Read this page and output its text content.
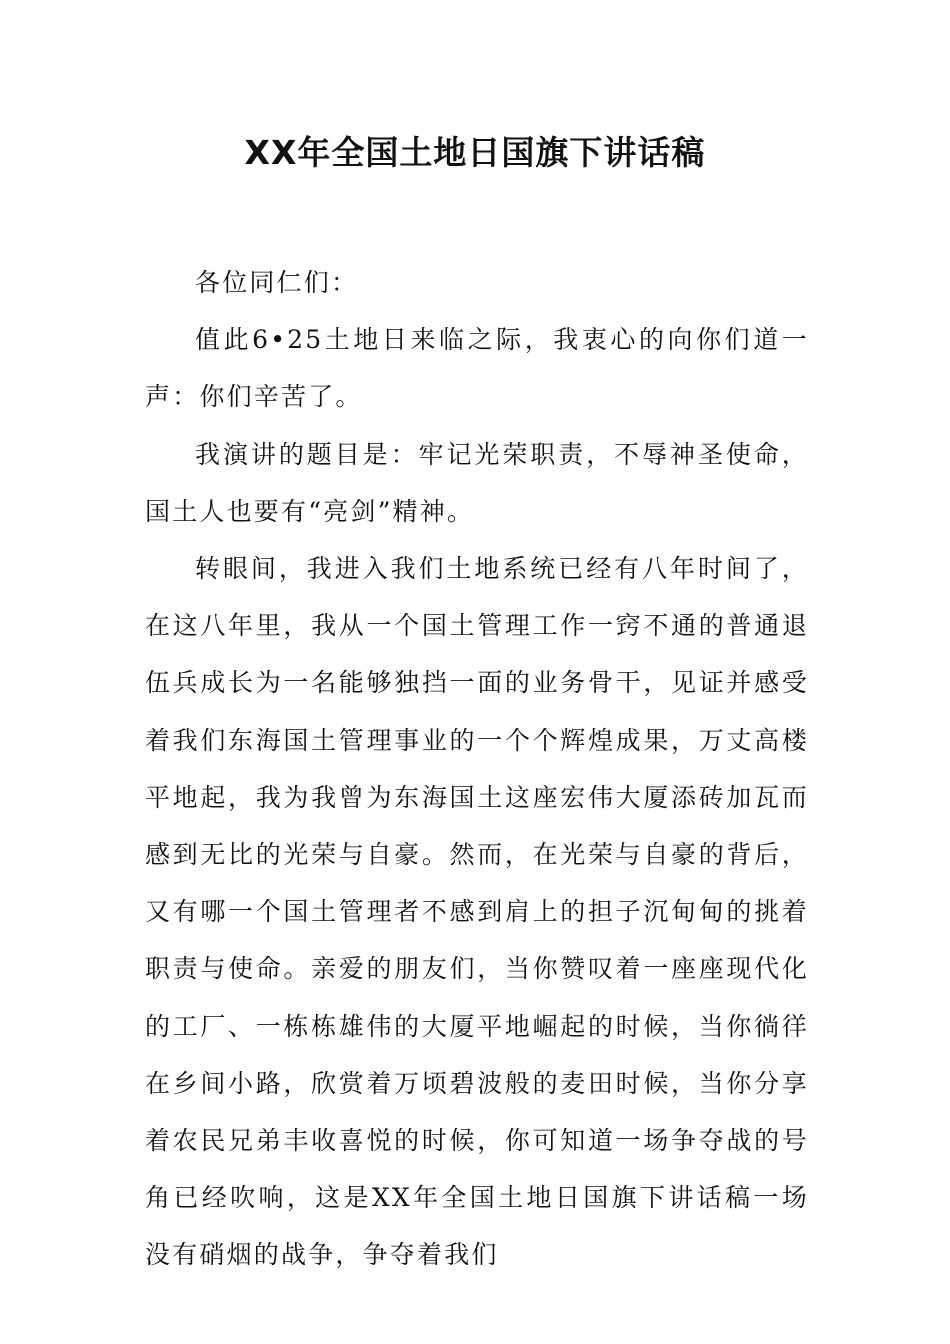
XX年全国土地日国旗下讲话稿

各位同仁们：

值此6•25土地日来临之际，我衷心的向你们道一声：你们辛苦了。

我演讲的题目是：牢记光荣职责，不辱神圣使命，国土人也要有“亮剑”精神。

转眼间，我进入我们土地系统已经有八年时间了，在这八年里，我从一个国土管理工作一窍不通的普通退伍兵成长为一名能够独挡一面的业务骨干，见证并感受着我们东海国土管理事业的一个个辉煌成果，万丈高楼平地起，我为我曾为东海国土这座宏伟大厦添砖加瓦而感到无比的光荣与自豪。然而，在光荣与自豪的背后，又有哪一个国土管理者不感到肩上的担子沉甸甸的挑着职责与使命。亲爱的朋友们，当你赞叹着一座座现代化的工厂、一栋栋雄伟的大厦平地崛起的时候，当你徜徉在乡间小路，欣赏着万顷碧波般的麦田时候，当你分享着农民兄弟丰收喜悦的时候，你可知道一场争夺战的号角已经吹响，这是XX年全国土地日国旗下讲话稿一场没有硝烟的战争，争夺着我们
